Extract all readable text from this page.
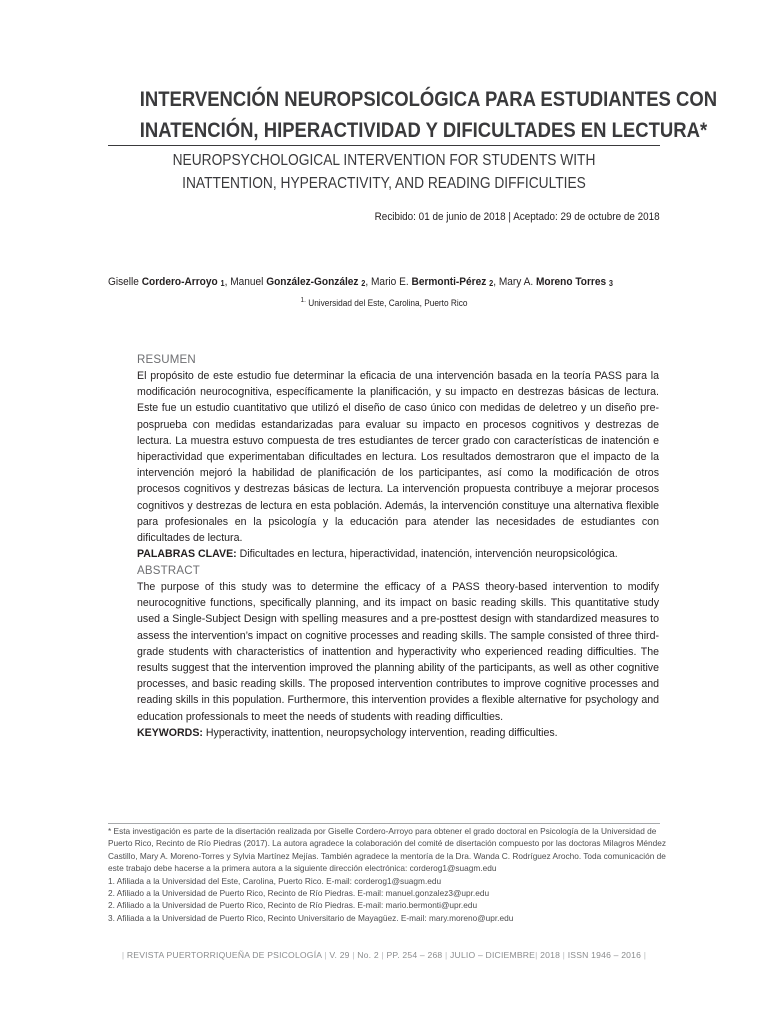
INTERVENCIÓN NEUROPSICOLÓGICA PARA ESTUDIANTES CON
INATENCIÓN, HIPERACTIVIDAD Y DIFICULTADES EN LECTURA*
NEUROPSYCHOLOGICAL INTERVENTION FOR STUDENTS WITH
INATTENTION, HYPERACTIVITY, AND READING DIFFICULTIES
Recibido: 01 de junio de 2018 | Aceptado: 29 de octubre de 2018
Giselle Cordero-Arroyo $_1$, Manuel González-González $_2$, Mario E. Bermonti-Pérez $_2$, Mary A. Moreno Torres $_3$
$^{1.}$ Universidad del Este, Carolina, Puerto Rico
RESUMEN

El propósito de este estudio fue determinar la eficacia de una intervención basada en la teoría PASS para la modificación neurocognitiva, específicamente la planificación, y su impacto en destrezas básicas de lectura. Este fue un estudio cuantitativo que utilizó el diseño de caso único con medidas de deletreo y un diseño pre-posprueba con medidas estandarizadas para evaluar su impacto en procesos cognitivos y destrezas de lectura. La muestra estuvo compuesta de tres estudiantes de tercer grado con características de inatención e hiperactividad que experimentaban dificultades en lectura. Los resultados demostraron que el impacto de la intervención mejoró la habilidad de planificación de los participantes, así como la modificación de otros procesos cognitivos y destrezas básicas de lectura. La intervención propuesta contribuye a mejorar procesos cognitivos y destrezas de lectura en esta población. Además, la intervención constituye una alternativa flexible para profesionales en la psicología y la educación para atender las necesidades de estudiantes con dificultades de lectura.

PALABRAS CLAVE: Dificultades en lectura, hiperactividad, inatención, intervención neuropsicológica.

ABSTRACT

The purpose of this study was to determine the efficacy of a PASS theory-based intervention to modify neurocognitive functions, specifically planning, and its impact on basic reading skills. This quantitative study used a Single-Subject Design with spelling measures and a pre-posttest design with standardized measures to assess the intervention’s impact on cognitive processes and reading skills. The sample consisted of three third-grade students with characteristics of inattention and hyperactivity who experienced reading difficulties. The results suggest that the intervention improved the planning ability of the participants, as well as other cognitive processes, and basic reading skills. The proposed intervention contributes to improve cognitive processes and reading skills in this population. Furthermore, this intervention provides a flexible alternative for psychology and education professionals to meet the needs of students with reading difficulties.

KEYWORDS: Hyperactivity, inattention, neuropsychology intervention, reading difficulties.

* Esta investigación es parte de la disertación realizada por Giselle Cordero-Arroyo para obtener el grado doctoral en Psicología de la Universidad de Puerto Rico, Recinto de Río Piedras (2017). La autora agradece la colaboración del comité de disertación compuesto por las doctoras Milagros Méndez Castillo, Mary A. Moreno-Torres y Sylvia Martínez Mejías. También agradece la mentoría de la Dra. Wanda C. Rodríguez Arocho. Toda comunicación de este trabajo debe hacerse a la primera autora a la siguiente dirección electrónica: corderog1@suagm.edu

1. Afiliada a la Universidad del Este, Carolina, Puerto Rico. E-mail: corderog1@suagm.edu

2. Afiliado a la Universidad de Puerto Rico, Recinto de Río Piedras. E-mail: manuel.gonzalez3@upr.edu

2. Afiliado a la Universidad de Puerto Rico, Recinto de Río Piedras. E-mail: mario.bermonti@upr.edu

3. Afiliada a la Universidad de Puerto Rico, Recinto Universitario de Mayagüez. E-mail: mary.moreno@upr.edu

| REVISTA PUERTORRIQUEÑA DE PSICOLOGÍA | V. 29 | No. 2 | PP. 254 – 268 | JULIO – DICIEMBRE| 2018 | ISSN 1946 – 2016 |
